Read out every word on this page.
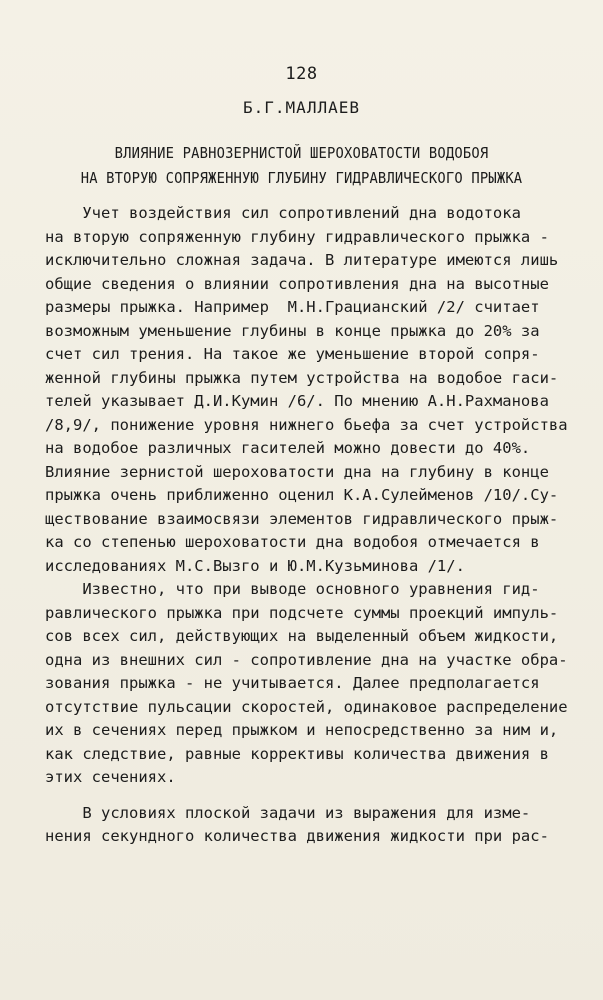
128
Б.Г.МАЛЛАЕВ
ВЛИЯНИЕ РАВНОЗЕРНИСТОЙ ШЕРОХОВАТОСТИ ВОДОБОЯ
НА ВТОРУЮ СОПРЯЖЕННУЮ ГЛУБИНУ ГИДРАВЛИЧЕСКОГО ПРЫЖКА
Учет воздействия сил сопротивлений дна водотока
на вторую сопряженную глубину гидравлического прыжка -
исключительно сложная задача. В литературе имеются лишь
общие сведения о влиянии сопротивления дна на высотные
размеры прыжка. Например  М.Н.Грацианский /2/ считает
возможным уменьшение глубины в конце прыжка до 20% за
счет сил трения. На такое же уменьшение второй сопря-
женной глубины прыжка путем устройства на водобое гаси-
телей указывает Д.И.Кумин /6/. По мнению А.Н.Рахманова
/8,9/, понижение уровня нижнего бьефа за счет устройства
на водобое различных гасителей можно довести до 40%.
Влияние зернистой шероховатости дна на глубину в конце
прыжка очень приближенно оценил К.А.Сулейменов /10/.Су-
ществование взаимосвязи элементов гидравлического прыж-
ка со степенью шероховатости дна водобоя отмечается в
исследованиях М.С.Вызго и Ю.М.Кузьминова /1/.
Известно, что при выводе основного уравнения гид-
равлического прыжка при подсчете суммы проекций импуль-
сов всех сил, действующих на выделенный объем жидкости,
одна из внешних сил - сопротивление дна на участке обра-
зования прыжка - не учитывается. Далее предполагается
отсутствие пульсации скоростей, одинаковое распределение
их в сечениях перед прыжком и непосредственно за ним и,
как следствие, равные коррективы количества движения в
этих сечениях.
В условиях плоской задачи из выражения для изме-
нения секундного количества движения жидкости при рас-
